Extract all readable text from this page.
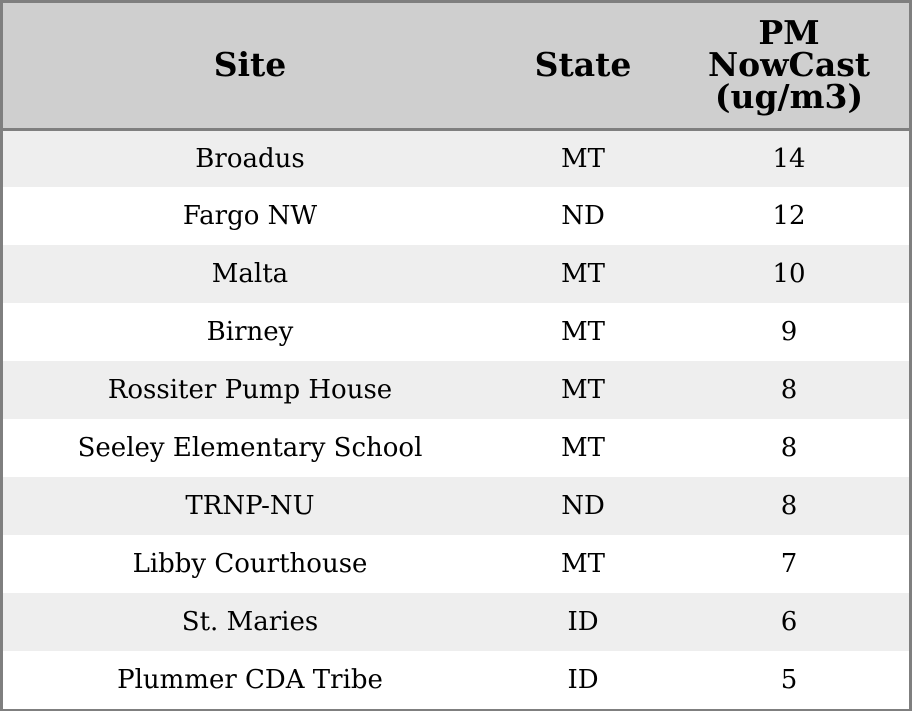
Site	State	PM
NowCast
(ug/m3)

Broadus	MT	14
Fargo NW	ND	12
Malta	MT	10
Birney	MT	9
Rossiter Pump House	MT	8
Seeley Elementary School	MT	8
TRNP-NU	ND	8
Libby Courthouse	MT	7
St. Maries	ID	6
Plummer CDA Tribe	ID	5
